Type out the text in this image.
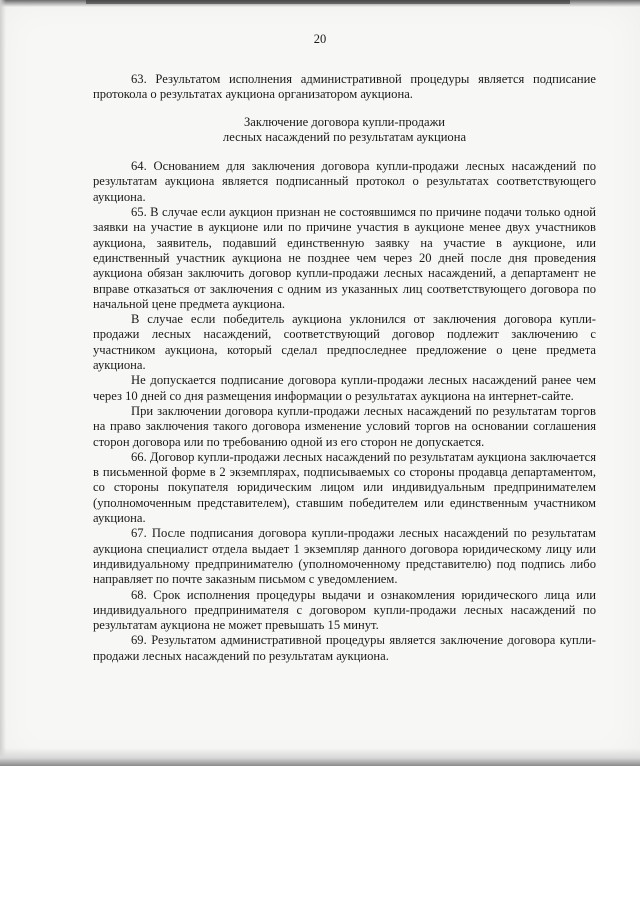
20

63. Результатом исполнения административной процедуры является подписание протокола о результатах аукциона организатором аукциона.

Заключение договора купли-продажи
лесных насаждений по результатам аукциона

64. Основанием для заключения договора купли-продажи лесных насаждений по результатам аукциона является подписанный протокол о результатах соответствующего аукциона.

65. В случае если аукцион признан не состоявшимся по причине подачи только одной заявки на участие в аукционе или по причине участия в аукционе менее двух участников аукциона, заявитель, подавший единственную заявку на участие в аукционе, или единственный участник аукциона не позднее чем через 20 дней после дня проведения аукциона обязан заключить договор купли-продажи лесных насаждений, а департамент не вправе отказаться от заключения с одним из указанных лиц соответствующего договора по начальной цене предмета аукциона.

В случае если победитель аукциона уклонился от заключения договора купли-продажи лесных насаждений, соответствующий договор подлежит заключению с участником аукциона, который сделал предпоследнее предложение о цене предмета аукциона.

Не допускается подписание договора купли-продажи лесных насаждений ранее чем через 10 дней со дня размещения информации о результатах аукциона на интернет-сайте.

При заключении договора купли-продажи лесных насаждений по результатам торгов на право заключения такого договора изменение условий торгов на основании соглашения сторон договора или по требованию одной из его сторон не допускается.

66. Договор купли-продажи лесных насаждений по результатам аукциона заключается в письменной форме в 2 экземплярах, подписываемых со стороны продавца департаментом, со стороны покупателя юридическим лицом или индивидуальным предпринимателем (уполномоченным представителем), ставшим победителем или единственным участником аукциона.

67. После подписания договора купли-продажи лесных насаждений по результатам аукциона специалист отдела выдает 1 экземпляр данного договора юридическому лицу или индивидуальному предпринимателю (уполномоченному представителю) под подпись либо направляет по почте заказным письмом с уведомлением.

68. Срок исполнения процедуры выдачи и ознакомления юридического лица или индивидуального предпринимателя с договором купли-продажи лесных насаждений по результатам аукциона не может превышать 15 минут.

69. Результатом административной процедуры является заключение договора купли-продажи лесных насаждений по результатам аукциона.
